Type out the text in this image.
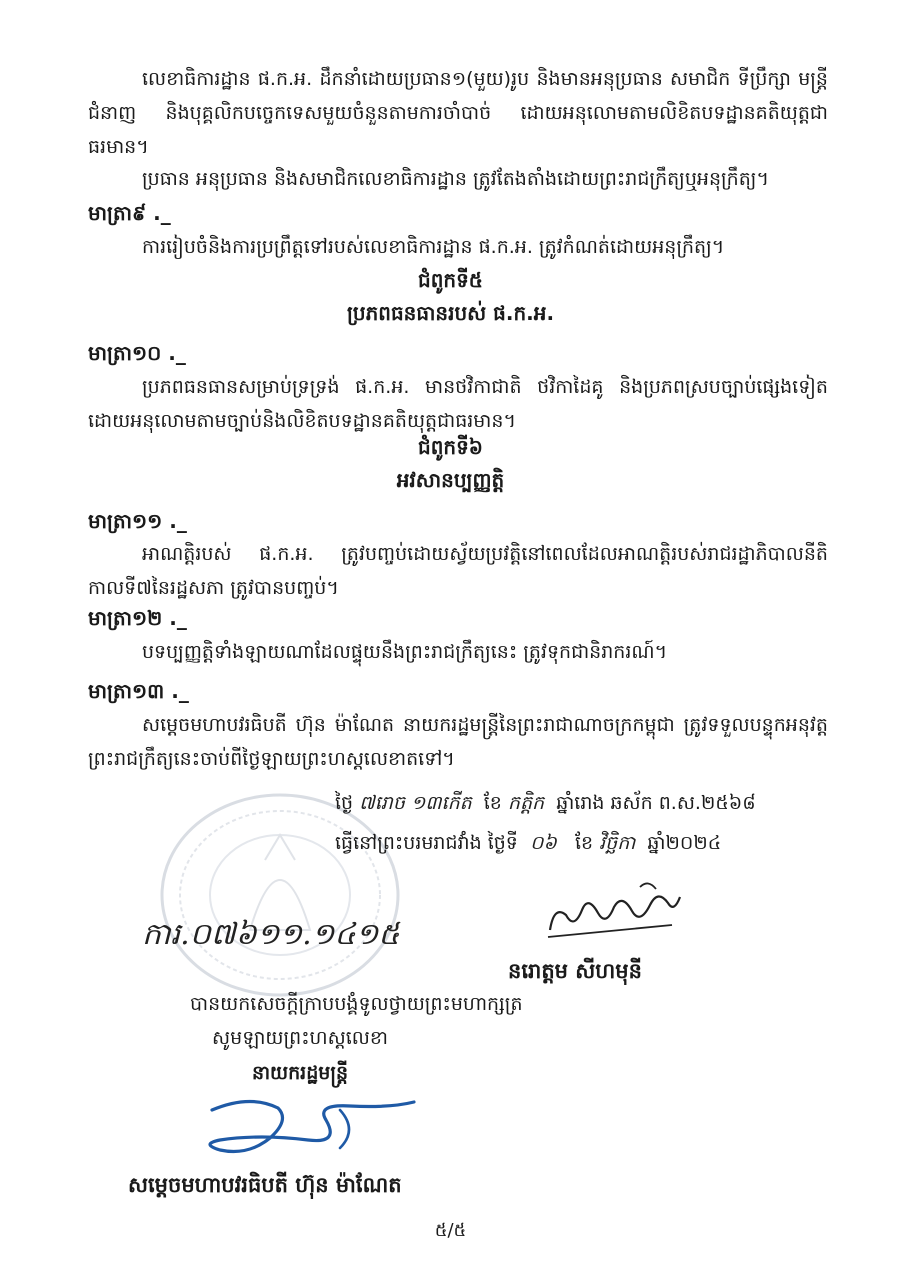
លេខាធិការដ្ឋាន ផ.ក.អ. ដឹកនាំដោយប្រធាន១(មួយ)រូប និងមានអនុប្រធាន សមាជិក ទីប្រឹក្សា មន្ត្រីជំនាញ និងបុគ្គលិកបច្ចេកទេសមួយចំនួនតាមការចាំបាច់ ដោយអនុលោមតាមលិខិតបទដ្ឋានគតិយុត្តជាធរមាន។

ប្រធាន អនុប្រធាន និងសមាជិកលេខាធិការដ្ឋាន ត្រូវតែងតាំងដោយព្រះរាជក្រឹត្យឬអនុក្រឹត្យ។

មាត្រា៩ ._

ការរៀបចំនិងការប្រព្រឹត្តទៅរបស់លេខាធិការដ្ឋាន ផ.ក.អ. ត្រូវកំណត់ដោយអនុក្រឹត្យ។

ជំពូកទី៥
ប្រភពធនធានរបស់ ផ.ក.អ.
មាត្រា១០ ._

ប្រភពធនធានសម្រាប់ទ្រទ្រង់ ផ.ក.អ. មានថវិកាជាតិ ថវិកាដៃគូ និងប្រភពស្របច្បាប់ផ្សេងទៀត ដោយអនុលោមតាមច្បាប់និងលិខិតបទដ្ឋានគតិយុត្តជាធរមាន។

ជំពូកទី៦
អវសានប្បញ្ញត្តិ
មាត្រា១១ ._

អាណត្តិរបស់ ផ.ក.អ. ត្រូវបញ្ចប់ដោយស្វ័យប្រវត្តិនៅពេលដែលអាណត្តិរបស់រាជរដ្ឋាភិបាលនីតិកាលទី៧នៃរដ្ឋសភា ត្រូវបានបញ្ចប់។

មាត្រា១២ ._

បទប្បញ្ញត្តិទាំងឡាយណាដែលផ្ទុយនឹងព្រះរាជក្រឹត្យនេះ ត្រូវទុកជានិរាករណ៍។

មាត្រា១៣ ._

សម្ដេចមហាបវរធិបតី ហ៊ុន ម៉ាណែត នាយករដ្ឋមន្ត្រីនៃព្រះរាជាណាចក្រកម្ពុជា ត្រូវទទួលបន្ទុកអនុវត្តព្រះរាជក្រឹត្យនេះចាប់ពីថ្ងៃឡាយព្រះហស្តលេខាតទៅ។

ថ្ងៃ ៧រោច ១៣កើត ខែ កត្តិក ឆ្នាំរោង ឆស័ក ព.ស.២៥៦៨
ធ្វើនៅព្រះបរមរាជវាំង ថ្ងៃទី ០៦ ខែ វិច្ឆិកា ឆ្នាំ២០២៤
ការ.០៧៦១១.១៤១៥
នរោត្តម សីហមុនី
បានយកសេចក្តីក្រាបបង្គំទូលថ្វាយព្រះមហាក្សត្រ
សូមឡាយព្រះហស្តលេខា
នាយករដ្ឋមន្ត្រី
សម្តេចមហាបវរធិបតី ហ៊ុន ម៉ាណែត
៥/៥
